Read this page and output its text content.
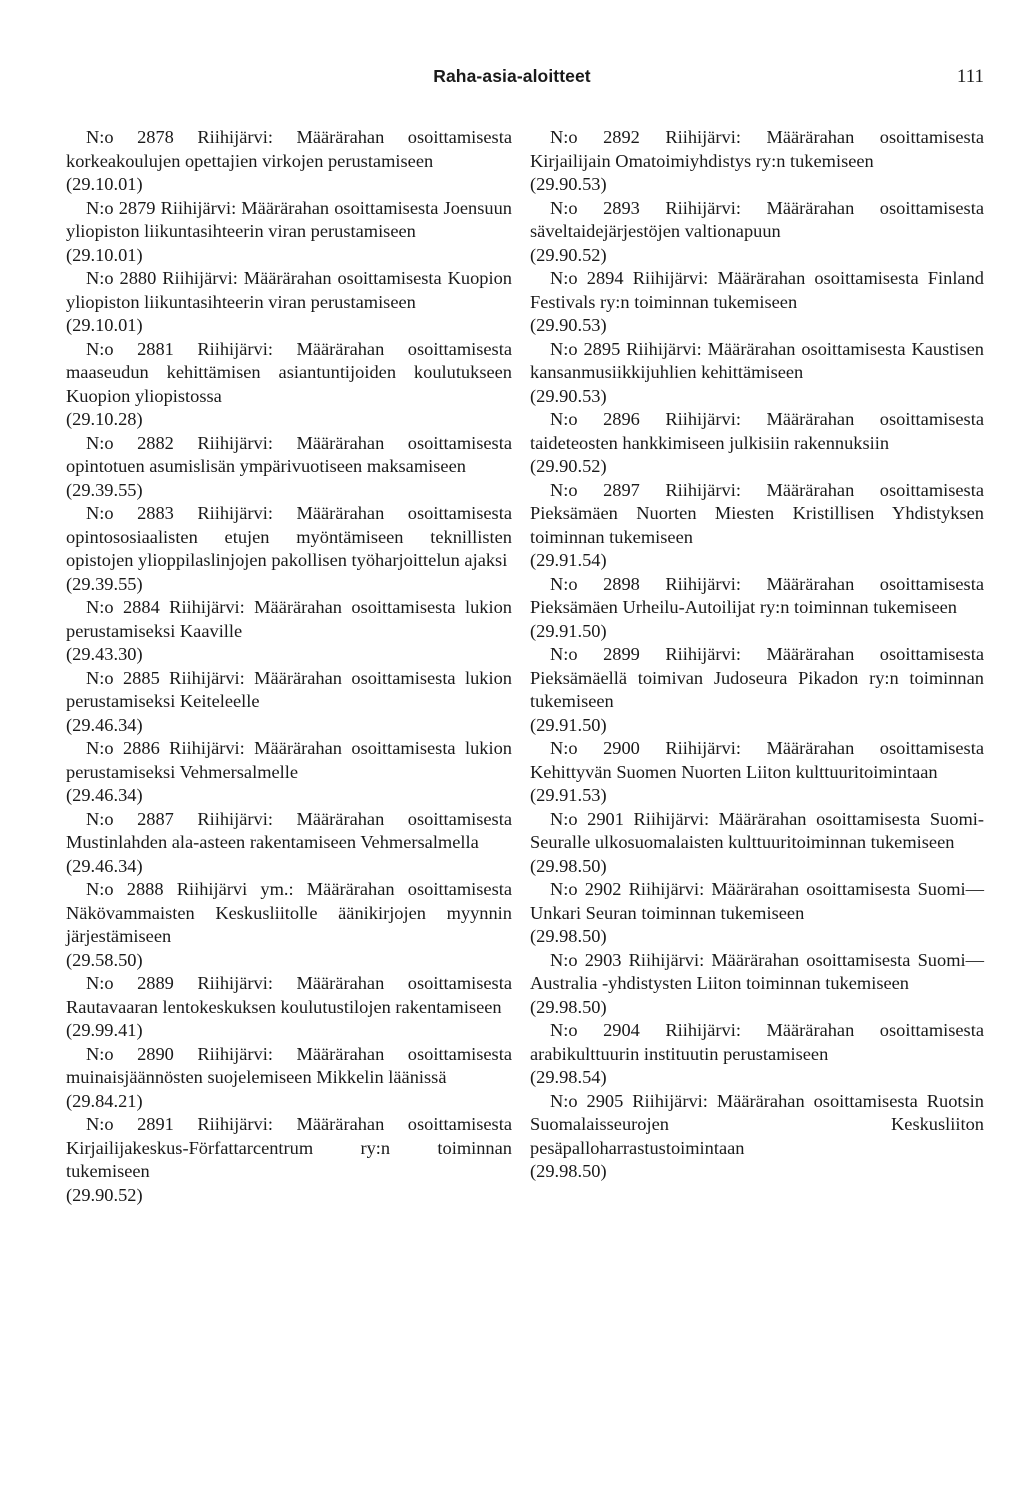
Raha-asia-aloitteet	111

N:o 2878 Riihijärvi: Määrärahan osoittamisesta korkeakoulujen opettajien virkojen perustamiseen

(29.10.01)

N:o 2879 Riihijärvi: Määrärahan osoittamisesta Joensuun yliopiston liikuntasihteerin viran perustamiseen

(29.10.01)

N:o 2880 Riihijärvi: Määrärahan osoittamisesta Kuopion yliopiston liikuntasihteerin viran perustamiseen

(29.10.01)

N:o 2881 Riihijärvi: Määrärahan osoittamisesta maaseudun kehittämisen asiantuntijoiden koulutukseen Kuopion yliopistossa

(29.10.28)

N:o 2882 Riihijärvi: Määrärahan osoittamisesta opintotuen asumislisän ympärivuotiseen maksamiseen

(29.39.55)

N:o 2883 Riihijärvi: Määrärahan osoittamisesta opintososiaalisten etujen myöntämiseen teknillisten opistojen ylioppilaslinjojen pakollisen työharjoittelun ajaksi

(29.39.55)

N:o 2884 Riihijärvi: Määrärahan osoittamisesta lukion perustamiseksi Kaaville

(29.43.30)

N:o 2885 Riihijärvi: Määrärahan osoittamisesta lukion perustamiseksi Keiteleelle

(29.46.34)

N:o 2886 Riihijärvi: Määrärahan osoittamisesta lukion perustamiseksi Vehmersalmelle

(29.46.34)

N:o 2887 Riihijärvi: Määrärahan osoittamisesta Mustinlahden ala-asteen rakentamiseen Vehmersalmella

(29.46.34)

N:o 2888 Riihijärvi ym.: Määrärahan osoittamisesta Näkövammaisten Keskusliitolle äänikirjojen myynnin järjestämiseen

(29.58.50)

N:o 2889 Riihijärvi: Määrärahan osoittamisesta Rautavaaran lentokeskuksen koulutustilojen rakentamiseen

(29.99.41)

N:o 2890 Riihijärvi: Määrärahan osoittamisesta muinaisjäännösten suojelemiseen Mikkelin läänissä

(29.84.21)

N:o 2891 Riihijärvi: Määrärahan osoittamisesta Kirjailijakeskus-Författarcentrum ry:n toiminnan tukemiseen

(29.90.52)

N:o 2892 Riihijärvi: Määrärahan osoittamisesta Kirjailijain Omatoimiyhdistys ry:n tukemiseen

(29.90.53)

N:o 2893 Riihijärvi: Määrärahan osoittamisesta säveltaidejärjestöjen valtionapuun

(29.90.52)

N:o 2894 Riihijärvi: Määrärahan osoittamisesta Finland Festivals ry:n toiminnan tukemiseen

(29.90.53)

N:o 2895 Riihijärvi: Määrärahan osoittamisesta Kaustisen kansanmusiikkijuhlien kehittämiseen

(29.90.53)

N:o 2896 Riihijärvi: Määrärahan osoittamisesta taideteosten hankkimiseen julkisiin rakennuksiin

(29.90.52)

N:o 2897 Riihijärvi: Määrärahan osoittamisesta Pieksämäen Nuorten Miesten Kristillisen Yhdistyksen toiminnan tukemiseen

(29.91.54)

N:o 2898 Riihijärvi: Määrärahan osoittamisesta Pieksämäen Urheilu-Autoilijat ry:n toiminnan tukemiseen

(29.91.50)

N:o 2899 Riihijärvi: Määrärahan osoittamisesta Pieksämäellä toimivan Judoseura Pikadon ry:n toiminnan tukemiseen

(29.91.50)

N:o 2900 Riihijärvi: Määrärahan osoittamisesta Kehittyvän Suomen Nuorten Liiton kulttuuritoimintaan

(29.91.53)

N:o 2901 Riihijärvi: Määrärahan osoittamisesta Suomi-Seuralle ulkosuomalaisten kulttuuritoiminnan tukemiseen

(29.98.50)

N:o 2902 Riihijärvi: Määrärahan osoittamisesta Suomi—Unkari Seuran toiminnan tukemiseen

(29.98.50)

N:o 2903 Riihijärvi: Määrärahan osoittamisesta Suomi—Australia -yhdistysten Liiton toiminnan tukemiseen

(29.98.50)

N:o 2904 Riihijärvi: Määrärahan osoittamisesta arabikulttuurin instituutin perustamiseen

(29.98.54)

N:o 2905 Riihijärvi: Määrärahan osoittamisesta Ruotsin Suomalaisseurojen Keskusliiton pesäpalloharrastustoimintaan

(29.98.50)
